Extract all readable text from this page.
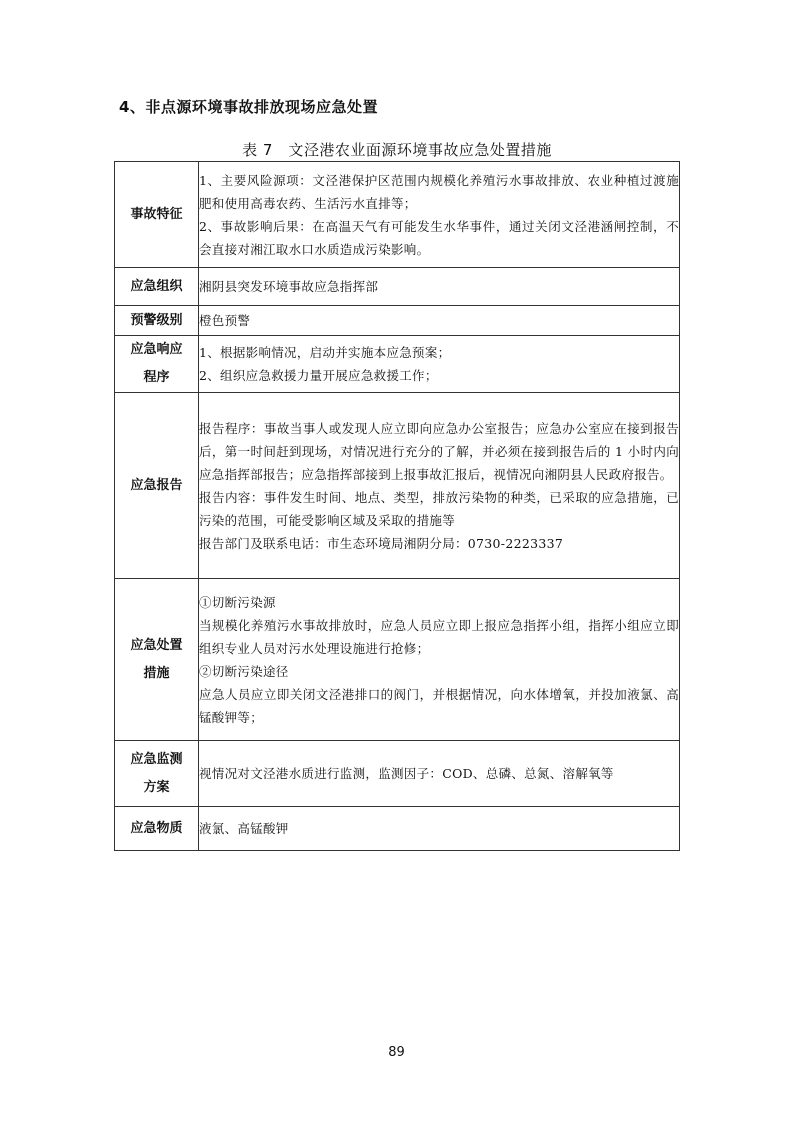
4、非点源环境事故排放现场应急处置
表 7　文泾港农业面源环境事故应急处置措施
事故特征	1、主要风险源项：文泾港保护区范围内规模化养殖污水事故排放、农业种植过渡施肥和使用高毒农药、生活污水直排等；

2、事故影响后果：在高温天气有可能发生水华事件，通过关闭文泾港涵闸控制，不会直接对湘江取水口水质造成污染影响。

应急组织	湘阴县突发环境事故应急指挥部

预警级别	橙色预警

应急响应程序	1、根据影响情况，启动并实施本应急预案；

2、组织应急救援力量开展应急救援工作；

应急报告	报告程序：事故当事人或发现人应立即向应急办公室报告；应急办公室应在接到报告后，第一时间赶到现场，对情况进行充分的了解，并必须在接到报告后的 1 小时内向应急指挥部报告；应急指挥部接到上报事故汇报后，视情况向湘阴县人民政府报告。

报告内容：事件发生时间、地点、类型，排放污染物的种类，已采取的应急措施，已污染的范围，可能受影响区域及采取的措施等

报告部门及联系电话：市生态环境局湘阴分局：0730-2223337

应急处置措施	①切断污染源

当规模化养殖污水事故排放时，应急人员应立即上报应急指挥小组，指挥小组应立即组织专业人员对污水处理设施进行抢修；

②切断污染途径

应急人员应立即关闭文泾港排口的阀门，并根据情况，向水体增氧，并投加液氯、高锰酸钾等；

应急监测方案	视情况对文泾港水质进行监测，监测因子：COD、总磷、总氮、溶解氧等

应急物质	液氯、高锰酸钾

89
